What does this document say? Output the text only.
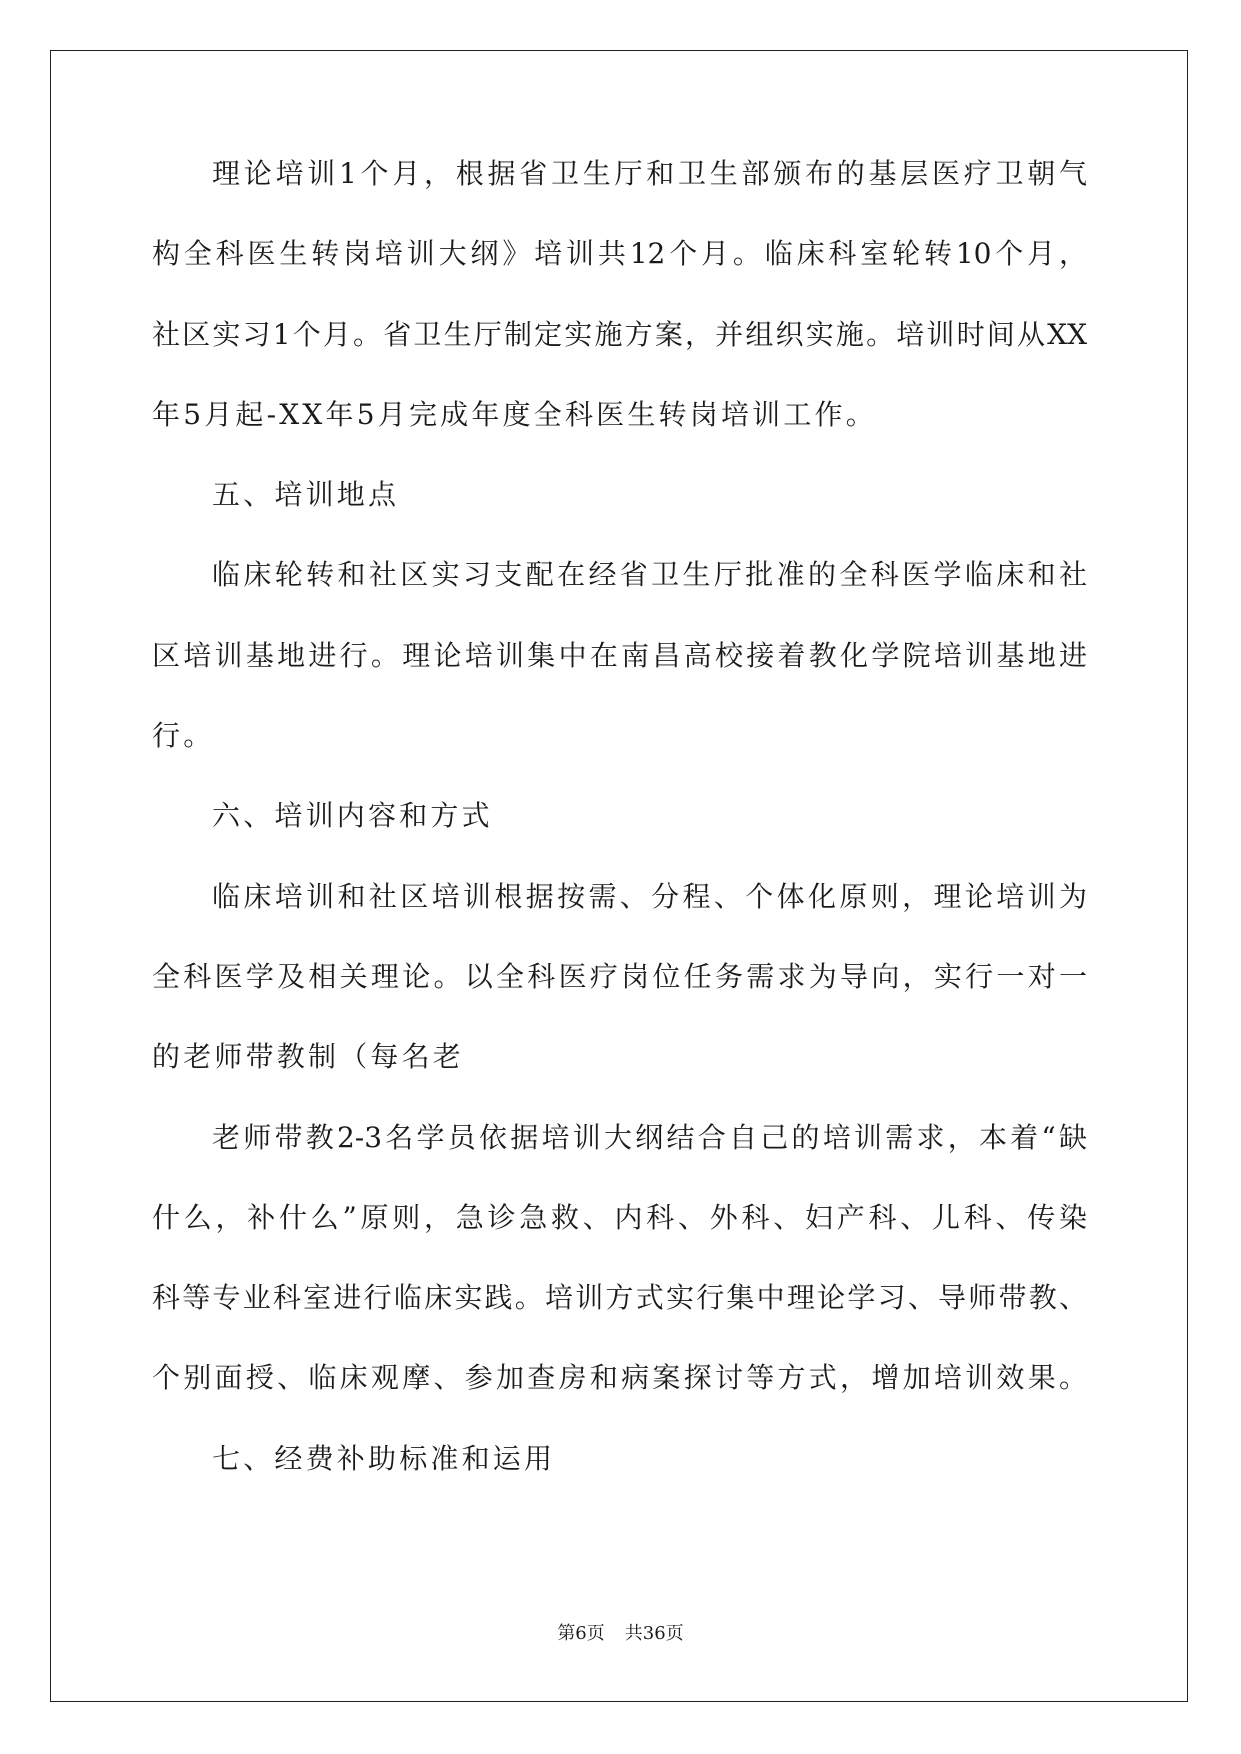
理论培训1个月，根据省卫生厅和卫生部颁布的基层医疗卫朝气

构全科医生转岗培训大纲》培训共12个月。临床科室轮转10个月，

社区实习1个月。省卫生厅制定实施方案，并组织实施。培训时间从XX

年5月起-XX年5月完成年度全科医生转岗培训工作。

五、培训地点

临床轮转和社区实习支配在经省卫生厅批准的全科医学临床和社

区培训基地进行。理论培训集中在南昌高校接着教化学院培训基地进

行。

六、培训内容和方式

临床培训和社区培训根据按需、分程、个体化原则，理论培训为

全科医学及相关理论。以全科医疗岗位任务需求为导向，实行一对一

的老师带教制（每名老

老师带教2-3名学员依据培训大纲结合自己的培训需求，本着“缺

什么，补什么”原则，急诊急救、内科、外科、妇产科、儿科、传染

科等专业科室进行临床实践。培训方式实行集中理论学习、导师带教、

个别面授、临床观摩、参加查房和病案探讨等方式，增加培训效果。

七、经费补助标准和运用

第6页 共36页
